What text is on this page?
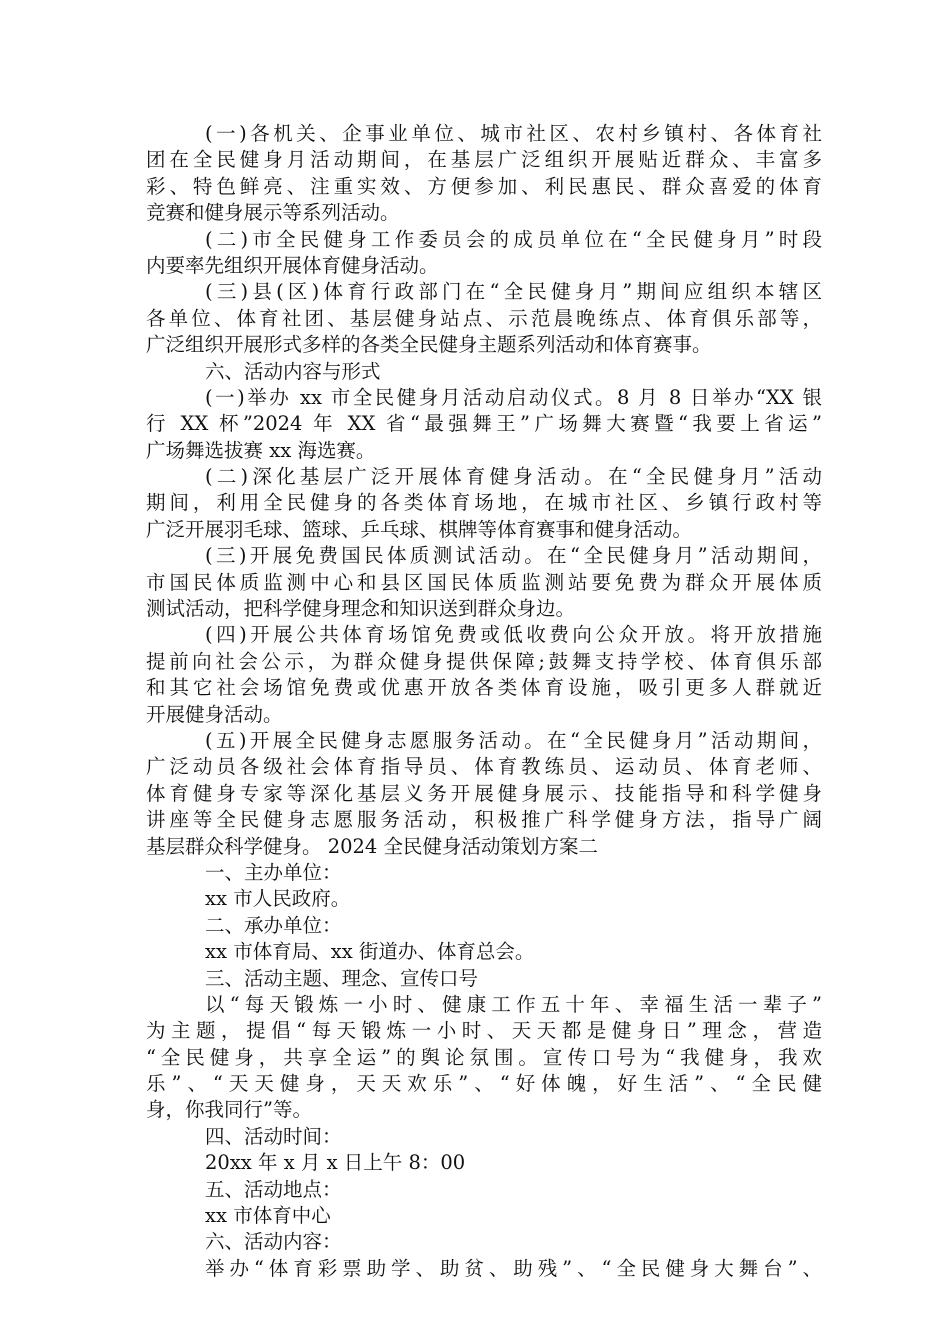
(一)各机关、企事业单位、城市社区、农村乡镇村、各体育社
团在全民健身月活动期间，在基层广泛组织开展贴近群众、丰富多
彩、特色鲜亮、注重实效、方便参加、利民惠民、群众喜爱的体育
竞赛和健身展示等系列活动。
(二)市全民健身工作委员会的成员单位在“全民健身月”时段
内要率先组织开展体育健身活动。
(三)县(区)体育行政部门在“全民健身月”期间应组织本辖区
各单位、体育社团、基层健身站点、示范晨晚练点、体育俱乐部等，
广泛组织开展形式多样的各类全民健身主题系列活动和体育赛事。
六、活动内容与形式
(一)举办 xx 市全民健身月活动启动仪式。8 月 8 日举办“XX 银
行 XX 杯”2024 年 XX 省“最强舞王”广场舞大赛暨“我要上省运”
广场舞选拔赛 xx 海选赛。
(二)深化基层广泛开展体育健身活动。在“全民健身月”活动
期间，利用全民健身的各类体育场地，在城市社区、乡镇行政村等
广泛开展羽毛球、篮球、乒乓球、棋牌等体育赛事和健身活动。
(三)开展免费国民体质测试活动。在“全民健身月”活动期间，
市国民体质监测中心和县区国民体质监测站要免费为群众开展体质
测试活动，把科学健身理念和知识送到群众身边。
(四)开展公共体育场馆免费或低收费向公众开放。将开放措施
提前向社会公示，为群众健身提供保障;鼓舞支持学校、体育俱乐部
和其它社会场馆免费或优惠开放各类体育设施，吸引更多人群就近
开展健身活动。
(五)开展全民健身志愿服务活动。在“全民健身月”活动期间，
广泛动员各级社会体育指导员、体育教练员、运动员、体育老师、
体育健身专家等深化基层义务开展健身展示、技能指导和科学健身
讲座等全民健身志愿服务活动，积极推广科学健身方法，指导广阔
基层群众科学健身。 2024 全民健身活动策划方案二
一、主办单位：
xx 市人民政府。
二、承办单位：
xx 市体育局、xx 街道办、体育总会。
三、活动主题、理念、宣传口号
以“每天锻炼一小时、健康工作五十年、幸福生活一辈子”
为主题，提倡“每天锻炼一小时、天天都是健身日”理念，营造
“全民健身，共享全运”的舆论氛围。宣传口号为“我健身，我欢
乐”、“天天健身，天天欢乐”、“好体魄，好生活”、“全民健
身，你我同行”等。
四、活动时间：
20xx 年 x 月 x 日上午 8：00
五、活动地点：
xx 市体育中心
六、活动内容：
举办“体育彩票助学、助贫、助残”、“全民健身大舞台”、
